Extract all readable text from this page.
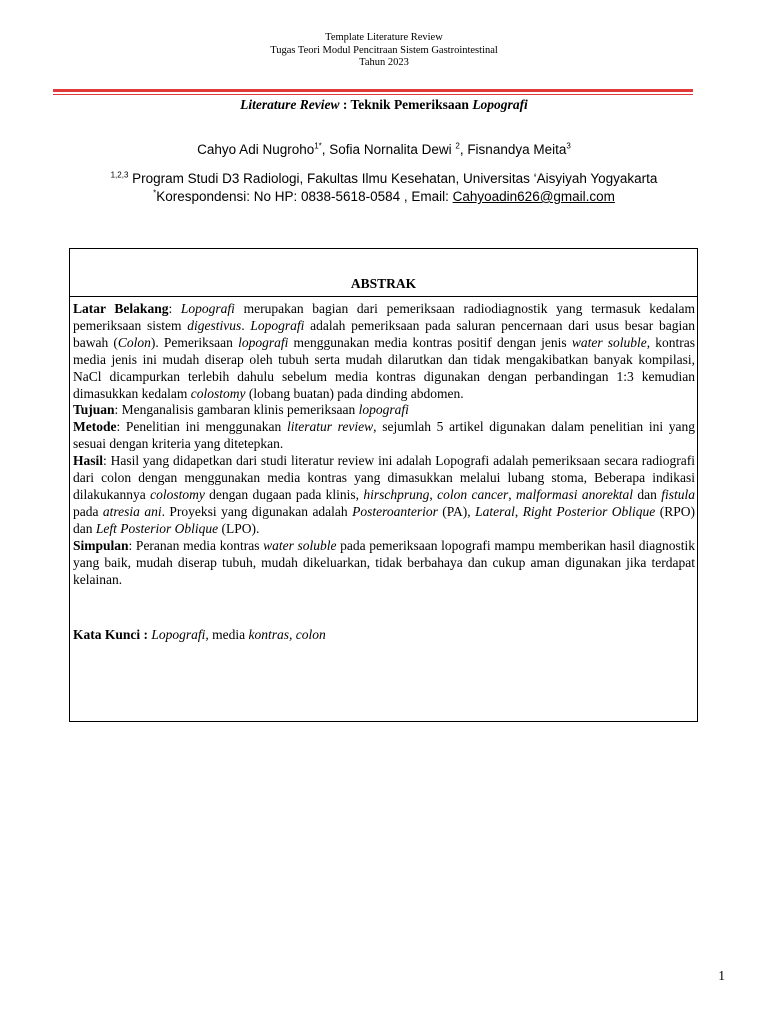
Template Literature Review
Tugas Teori Modul Pencitraan Sistem Gastrointestinal
Tahun 2023
Literature Review : Teknik Pemeriksaan Lopografi
Cahyo Adi Nugroho$^{1*}$, Sofia Nornalita Dewi $^2$, Fisnandya Meita$^3$
$^{1,2,3}$ Program Studi D3 Radiologi, Fakultas Ilmu Kesehatan, Universitas ‘Aisyiyah Yogyakarta
*Korespondensi: No HP: 0838-5618-0584 , Email: Cahyoadin626@gmail.com
ABSTRAK

Latar Belakang: Lopografi merupakan bagian dari pemeriksaan radiodiagnostik yang termasuk kedalam pemeriksaan sistem digestivus. Lopografi adalah pemeriksaan pada saluran pencernaan dari usus besar bagian bawah (Colon). Pemeriksaan lopografi menggunakan media kontras positif dengan jenis water soluble, kontras media jenis ini mudah diserap oleh tubuh serta mudah dilarutkan dan tidak mengakibatkan banyak kompilasi, NaCl dicampurkan terlebih dahulu sebelum media kontras digunakan dengan perbandingan 1:3 kemudian dimasukkan kedalam colostomy (lobang buatan) pada dinding abdomen.

Tujuan: Menganalisis gambaran klinis pemeriksaan lopografi

Metode: Penelitian ini menggunakan literatur review, sejumlah 5 artikel digunakan dalam penelitian ini yang sesuai dengan kriteria yang ditetepkan.

Hasil: Hasil yang didapetkan dari studi literatur review ini adalah Lopografi adalah pemeriksaan secara radiografi dari colon dengan menggunakan media kontras yang dimasukkan melalui lubang stoma, Beberapa indikasi dilakukannya colostomy dengan dugaan pada klinis, hirschprung, colon cancer, malformasi anorektal dan fistula pada atresia ani. Proyeksi yang digunakan adalah Posteroanterior (PA), Lateral, Right Posterior Oblique (RPO) dan Left Posterior Oblique (LPO).

Simpulan: Peranan media kontras water soluble pada pemeriksaan lopografi mampu memberikan hasil diagnostik yang baik, mudah diserap tubuh, mudah dikeluarkan, tidak berbahaya dan cukup aman digunakan jika terdapat kelainan.

Kata Kunci : Lopografi, media kontras, colon
1
